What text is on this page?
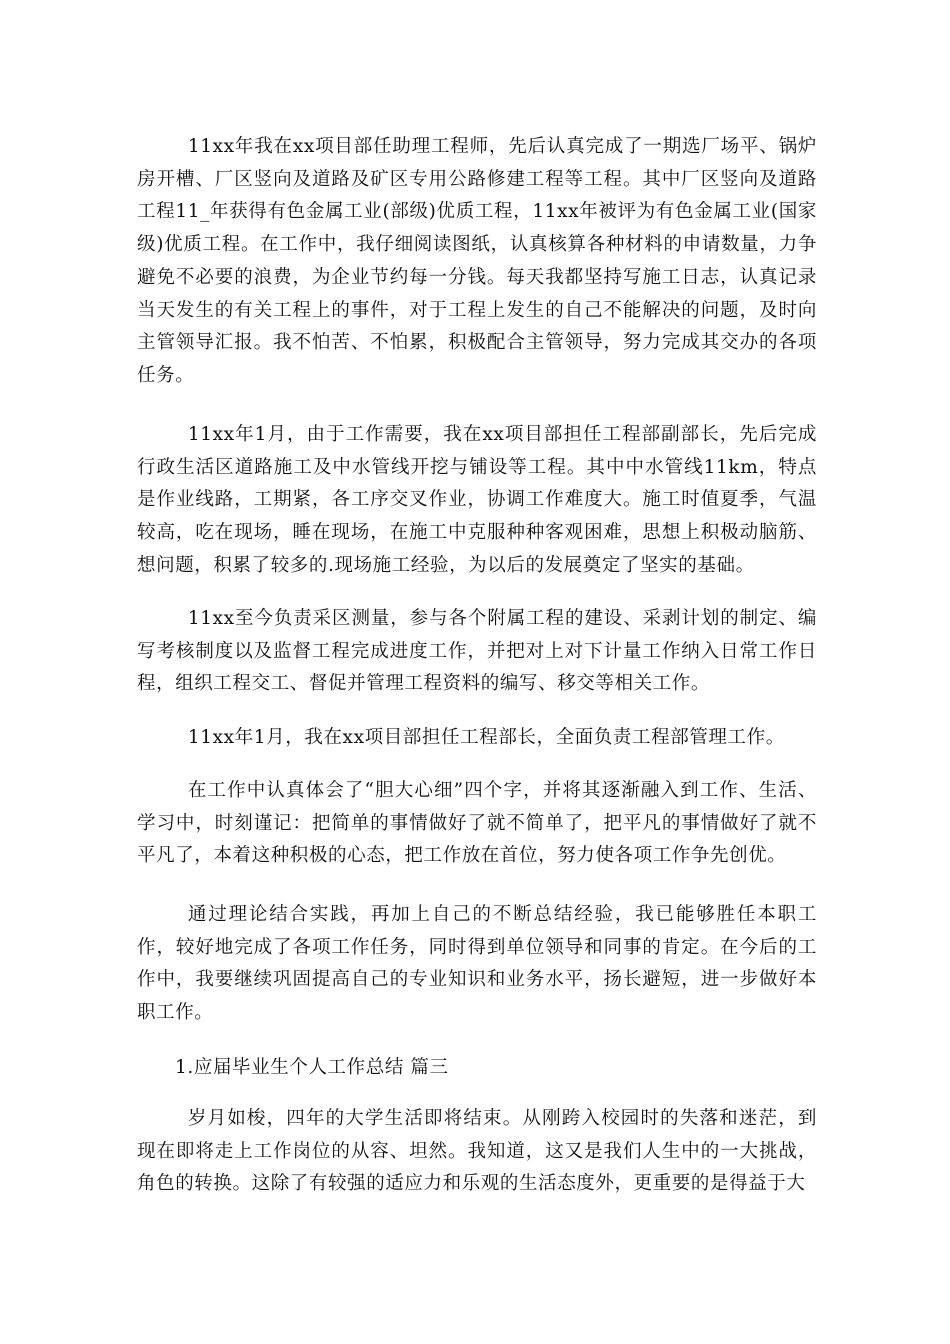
11xx年我在xx项目部任助理工程师，先后认真完成了一期选厂场平、锅炉房开槽、厂区竖向及道路及矿区专用公路修建工程等工程。其中厂区竖向及道路工程11_年获得有色金属工业(部级)优质工程，11xx年被评为有色金属工业(国家级)优质工程。在工作中，我仔细阅读图纸，认真核算各种材料的申请数量，力争避免不必要的浪费，为企业节约每一分钱。每天我都坚持写施工日志，认真记录当天发生的有关工程上的事件，对于工程上发生的自己不能解决的问题，及时向主管领导汇报。我不怕苦、不怕累，积极配合主管领导，努力完成其交办的各项任务。

11xx年1月，由于工作需要，我在xx项目部担任工程部副部长，先后完成行政生活区道路施工及中水管线开挖与铺设等工程。其中中水管线11km，特点是作业线路，工期紧，各工序交叉作业，协调工作难度大。施工时值夏季，气温较高，吃在现场，睡在现场，在施工中克服种种客观困难，思想上积极动脑筋、想问题，积累了较多的.现场施工经验，为以后的发展奠定了坚实的基础。

11xx至今负责采区测量，参与各个附属工程的建设、采剥计划的制定、编写考核制度以及监督工程完成进度工作，并把对上对下计量工作纳入日常工作日程，组织工程交工、督促并管理工程资料的编写、移交等相关工作。

11xx年1月，我在xx项目部担任工程部长，全面负责工程部管理工作。

在工作中认真体会了“胆大心细”四个字，并将其逐渐融入到工作、生活、学习中，时刻谨记：把简单的事情做好了就不简单了，把平凡的事情做好了就不平凡了，本着这种积极的心态，把工作放在首位，努力使各项工作争先创优。

通过理论结合实践，再加上自己的不断总结经验，我已能够胜任本职工作，较好地完成了各项工作任务，同时得到单位领导和同事的肯定。在今后的工作中，我要继续巩固提高自己的专业知识和业务水平，扬长避短，进一步做好本职工作。

1.应届毕业生个人工作总结 篇三

岁月如梭，四年的大学生活即将结束。从刚跨入校园时的失落和迷茫，到现在即将走上工作岗位的从容、坦然。我知道，这又是我们人生中的一大挑战，角色的转换。这除了有较强的适应力和乐观的生活态度外，更重要的是得益于大
